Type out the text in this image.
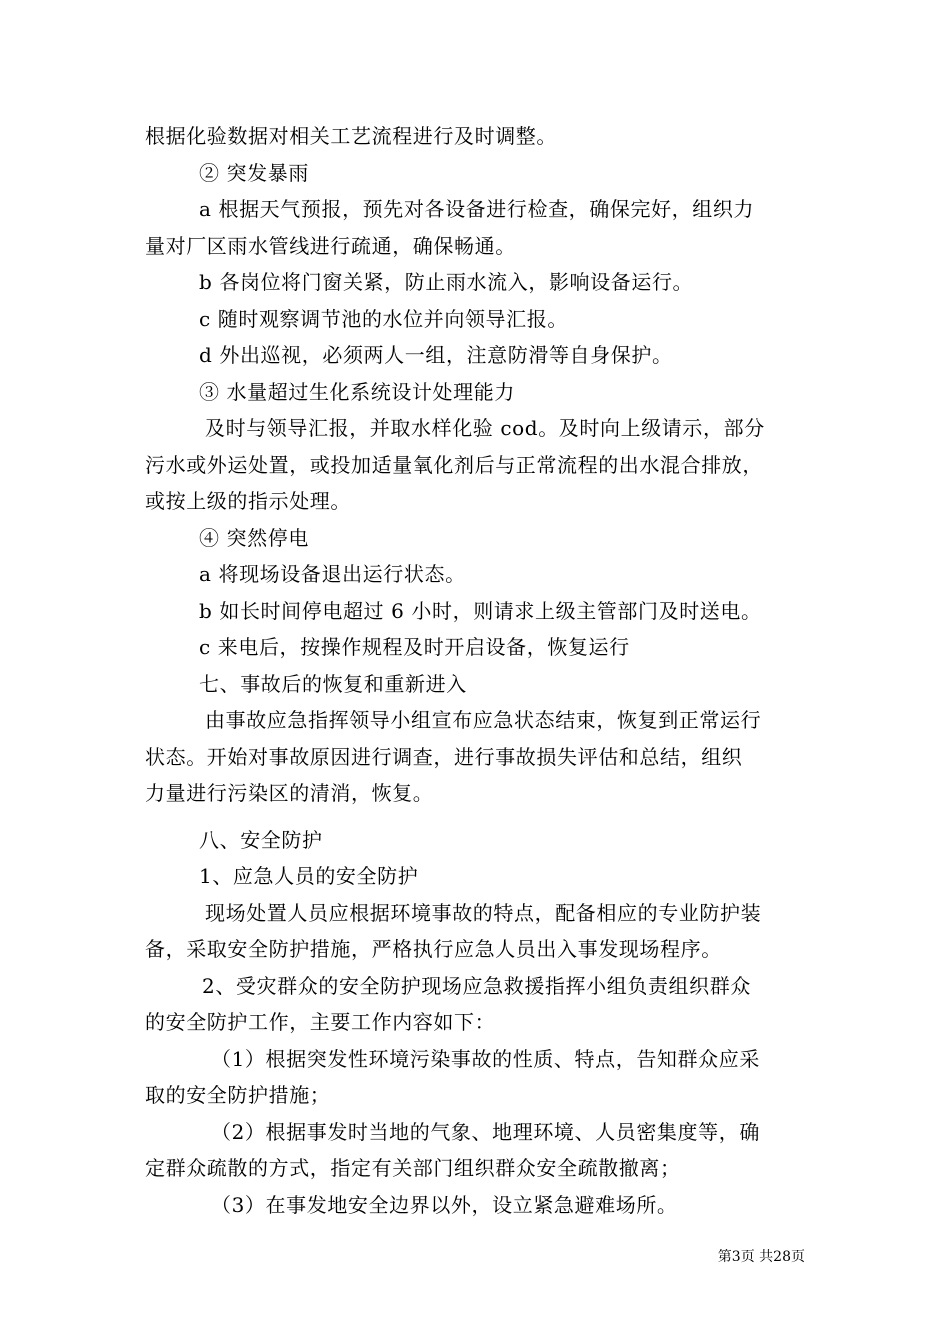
根据化验数据对相关工艺流程进行及时调整。
② 突发暴雨
a 根据天气预报，预先对各设备进行检查，确保完好，组织力
量对厂区雨水管线进行疏通，确保畅通。
b 各岗位将门窗关紧，防止雨水流入，影响设备运行。
c 随时观察调节池的水位并向领导汇报。
d 外出巡视，必须两人一组，注意防滑等自身保护。
③ 水量超过生化系统设计处理能力
及时与领导汇报，并取水样化验 cod。及时向上级请示，部分
污水或外运处置，或投加适量氧化剂后与正常流程的出水混合排放，
或按上级的指示处理。
④ 突然停电
a 将现场设备退出运行状态。
b 如长时间停电超过 6 小时，则请求上级主管部门及时送电。
c 来电后，按操作规程及时开启设备，恢复运行
七、事故后的恢复和重新进入
由事故应急指挥领导小组宣布应急状态结束，恢复到正常运行
状态。开始对事故原因进行调查，进行事故损失评估和总结，组织
力量进行污染区的清消，恢复。
八、安全防护
1、应急人员的安全防护
现场处置人员应根据环境事故的特点，配备相应的专业防护装
备，采取安全防护措施，严格执行应急人员出入事发现场程序。
2、受灾群众的安全防护现场应急救援指挥小组负责组织群众
的安全防护工作，主要工作内容如下：
（1）根据突发性环境污染事故的性质、特点，告知群众应采
取的安全防护措施；
（2）根据事发时当地的气象、地理环境、人员密集度等，确
定群众疏散的方式，指定有关部门组织群众安全疏散撤离；
（3）在事发地安全边界以外，设立紧急避难场所。
第3页 共28页
